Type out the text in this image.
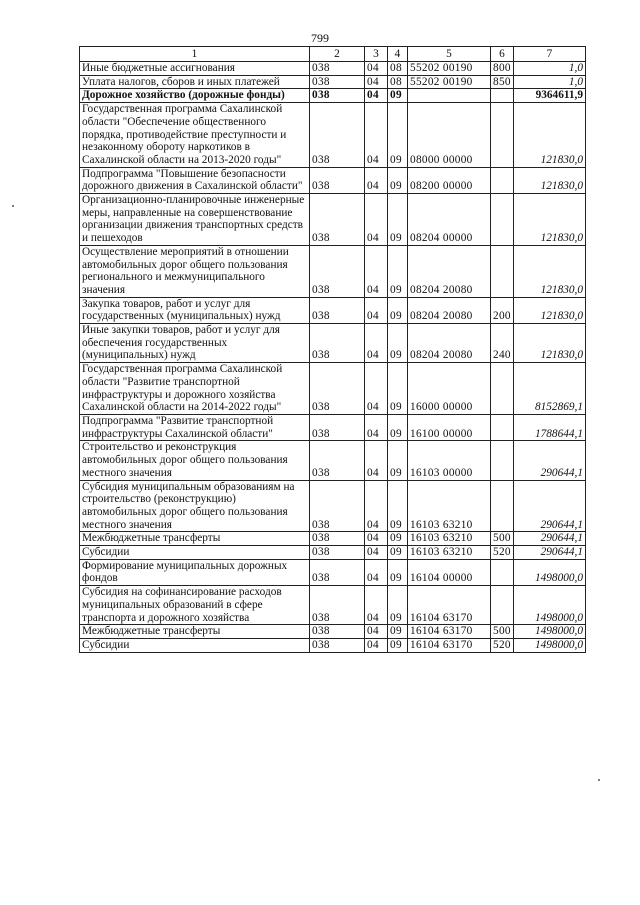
799
1	2	3	4	5	6	7
Иные бюджетные ассигнования	038	04	08	55202 00190	800	1,0
Уплата налогов, сборов и иных платежей	038	04	08	55202 00190	850	1,0
Дорожное хозяйство (дорожные фонды)	038	04	09			9364611,9
Государственная программа Сахалинской области "Обеспечение общественного порядка, противодействие преступности и незаконному обороту наркотиков в Сахалинской области на 2013-2020 годы"	038	04	09	08000 00000		121830,0
Подпрограмма "Повышение безопасности дорожного движения в Сахалинской области"	038	04	09	08200 00000		121830,0
Организационно-планировочные инженерные меры, направленные на совершенствование организации движения транспортных средств и пешеходов	038	04	09	08204 00000		121830,0
Осуществление мероприятий в отношении автомобильных дорог общего пользования регионального и межмуниципального значения	038	04	09	08204 20080		121830,0
Закупка товаров, работ и услуг для государственных (муниципальных) нужд	038	04	09	08204 20080	200	121830,0
Иные закупки товаров, работ и услуг для обеспечения государственных (муниципальных) нужд	038	04	09	08204 20080	240	121830,0
Государственная программа Сахалинской области "Развитие транспортной инфраструктуры и дорожного хозяйства Сахалинской области на 2014-2022 годы"	038	04	09	16000 00000		8152869,1
Подпрограмма "Развитие транспортной инфраструктуры Сахалинской области"	038	04	09	16100 00000		1788644,1
Строительство и реконструкция автомобильных дорог общего пользования местного значения	038	04	09	16103 00000		290644,1
Субсидия муниципальным образованиям на строительство (реконструкцию) автомобильных дорог общего пользования местного значения	038	04	09	16103 63210		290644,1
Межбюджетные трансферты	038	04	09	16103 63210	500	290644,1
Субсидии	038	04	09	16103 63210	520	290644,1
Формирование муниципальных дорожных фондов	038	04	09	16104 00000		1498000,0
Субсидия на софинансирование расходов муниципальных образований в сфере транспорта и дорожного хозяйства	038	04	09	16104 63170		1498000,0
Межбюджетные трансферты	038	04	09	16104 63170	500	1498000,0
Субсидии	038	04	09	16104 63170	520	1498000,0
